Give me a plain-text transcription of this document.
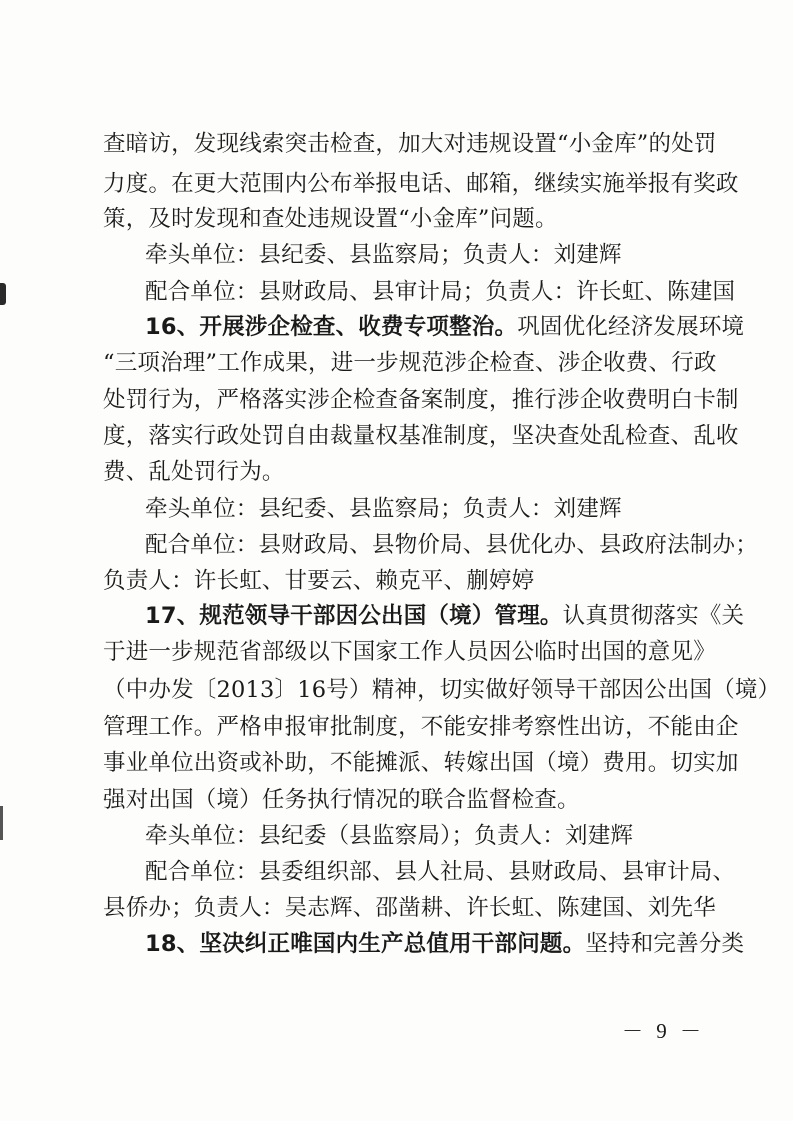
查暗访，发现线索突击检查，加大对违规设置“小金库”的处罚
力度。在更大范围内公布举报电话、邮箱，继续实施举报有奖政
策，及时发现和查处违规设置“小金库”问题。
牵头单位：县纪委、县监察局；负责人：刘建辉
配合单位：县财政局、县审计局；负责人：许长虹、陈建国
16、开展涉企检查、收费专项整治。巩固优化经济发展环境
“三项治理”工作成果，进一步规范涉企检查、涉企收费、行政
处罚行为，严格落实涉企检查备案制度，推行涉企收费明白卡制
度，落实行政处罚自由裁量权基准制度，坚决查处乱检查、乱收
费、乱处罚行为。
牵头单位：县纪委、县监察局；负责人：刘建辉
配合单位：县财政局、县物价局、县优化办、县政府法制办；
负责人：许长虹、甘要云、赖克平、蒯婷婷
17、规范领导干部因公出国（境）管理。认真贯彻落实《关
于进一步规范省部级以下国家工作人员因公临时出国的意见》
（中办发〔2013〕16号）精神，切实做好领导干部因公出国（境）
管理工作。严格申报审批制度，不能安排考察性出访，不能由企
事业单位出资或补助，不能摊派、转嫁出国（境）费用。切实加
强对出国（境）任务执行情况的联合监督检查。
牵头单位：县纪委（县监察局）；负责人：刘建辉
配合单位：县委组织部、县人社局、县财政局、县审计局、
县侨办；负责人：吴志辉、邵凿耕、许长虹、陈建国、刘先华
18、坚决纠正唯国内生产总值用干部问题。坚持和完善分类
－ 9 －
